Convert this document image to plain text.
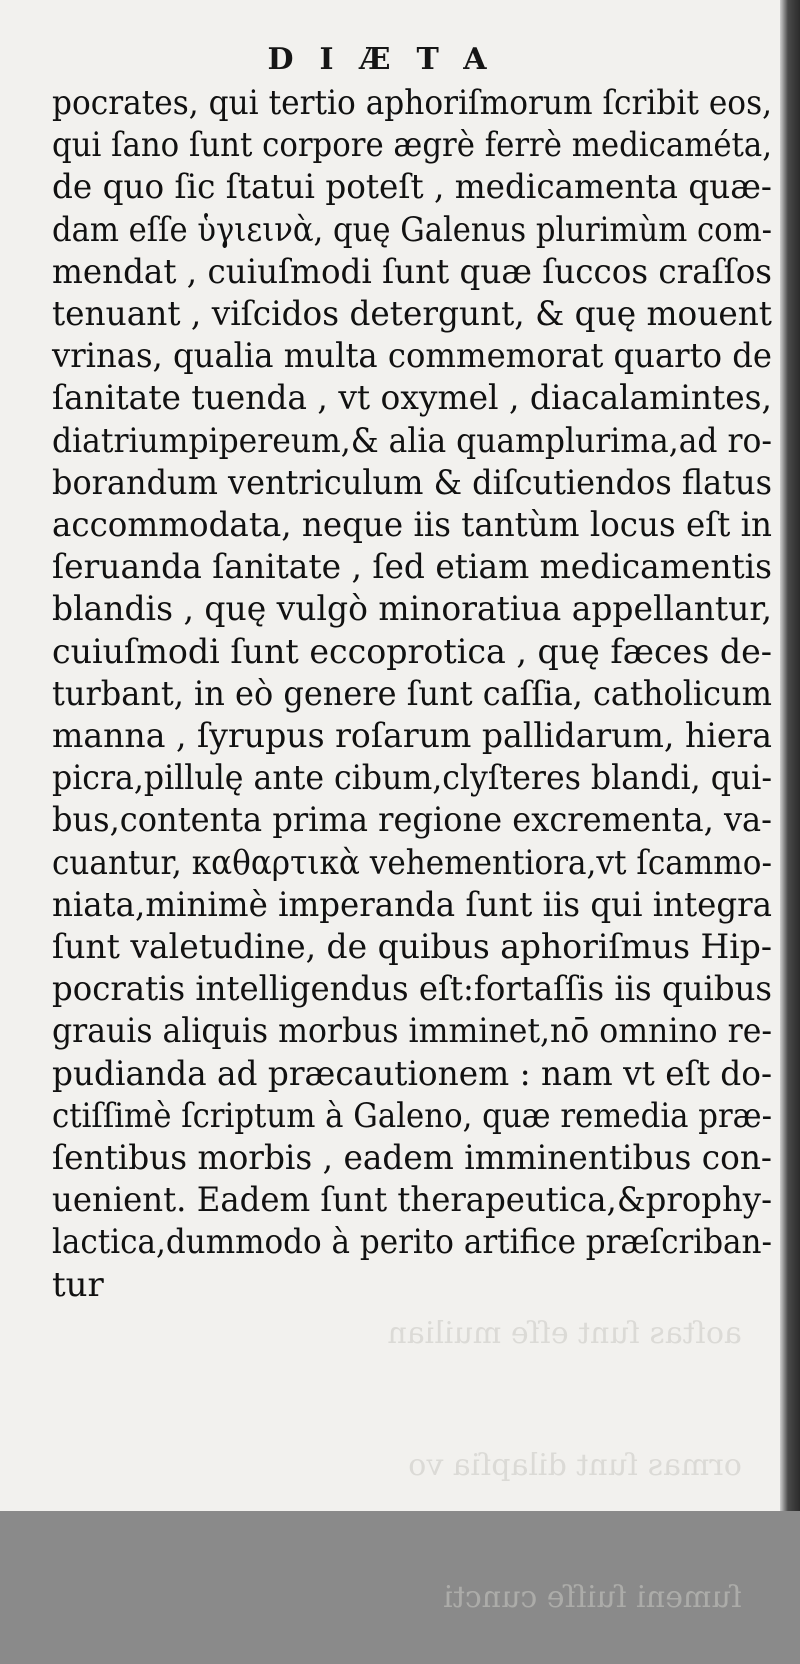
aoſtas ſunt eſſe muilian

ormas ſunt dilapſia vo

ſumeni ſuiſſe cuncti

DIÆTA
pocrates, qui tertio aphoriſmorum ſcribit eos,
qui ſano ſunt corpore ægrè ferrè medicaméta,
de quo ſic ſtatui poteſt , medicamenta quæ-
dam eſſe ὑγιεινὰ, quę Galenus plurimùm com-
mendat , cuiuſmodi ſunt quæ ſuccos craſſos
tenuant , viſcidos detergunt, & quę mouent
vrinas, qualia multa commemorat quarto de
ſanitate tuenda , vt oxymel , diacalamintes,
diatriumpipereum,& alia quamplurima,ad ro-
borandum ventriculum & diſcutiendos flatus
accommodata, neque iis tantùm locus eſt in
ſeruanda ſanitate , ſed etiam medicamentis
blandis , quę vulgò minoratiua appellantur,
cuiuſmodi ſunt eccoprotica , quę fæces de-
turbant, in eò genere ſunt caſſia, catholicum
manna , ſyrupus roſarum pallidarum, hiera
picra,pillulę ante cibum,clyſteres blandi, qui-
bus,contenta prima regione excrementa, va-
cuantur, καθαρτικὰ vehementiora,vt ſcammo-
niata,minimè imperanda ſunt iis qui integra
ſunt valetudine, de quibus aphoriſmus Hip-
pocratis intelligendus eſt:fortaſſis iis quibus
grauis aliquis morbus imminet,nō omnino re-
pudianda ad præcautionem : nam vt eſt do-
ctiſſimè ſcriptum à Galeno, quæ remedia præ-
ſentibus morbis , eadem imminentibus con-
uenient. Eadem ſunt therapeutica,&prophy-
lactica,dummodo à perito artifice præſcriban-
tur
